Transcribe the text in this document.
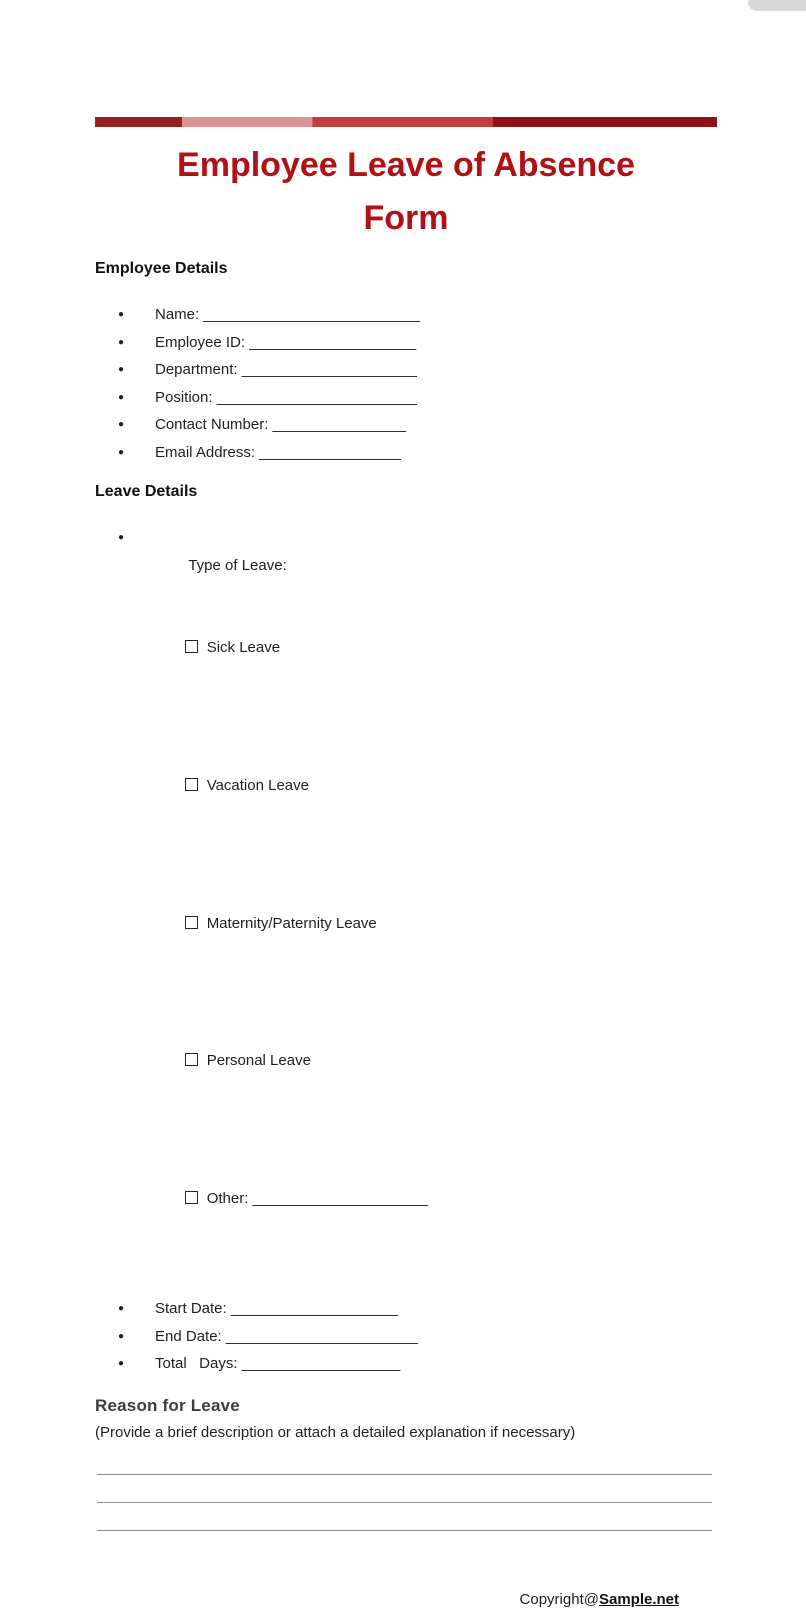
Employee Leave of Absence
Form
Employee Details
● Name: __________________________
● Employee ID: ____________________
● Department: _____________________
● Position: ________________________
● Contact Number: ________________
● Email Address: _________________
Leave Details

● Type of Leave:

Sick Leave

Vacation Leave

Maternity/Paternity Leave

Personal Leave

Other: _____________________

● Start Date: ____________________
● End Date: _______________________
● Total   Days: ___________________
Reason for Leave

(Provide a brief description or attach a detailed explanation if necessary)

Copyright@Sample.net
